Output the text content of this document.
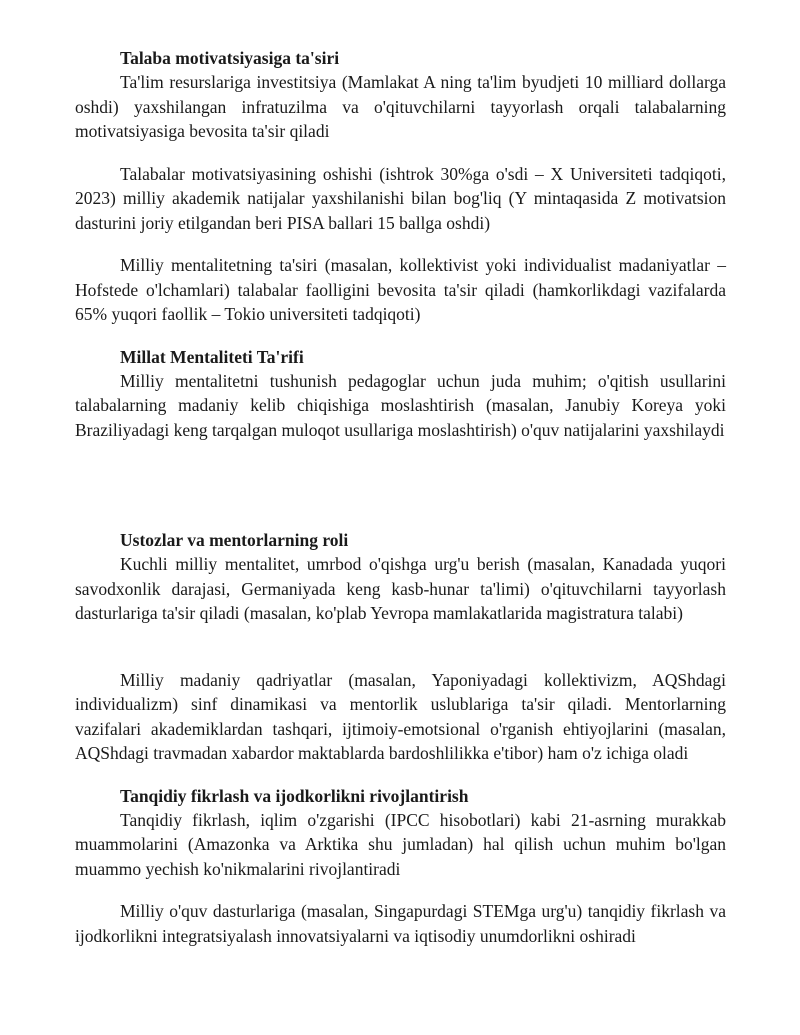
Talaba motivatsiyasiga ta'siri

Ta'lim resurslariga investitsiya (Mamlakat A ning ta'lim byudjeti 10 milliard dollarga oshdi) yaxshilangan infratuzilma va o'qituvchilarni tayyorlash orqali talabalarning motivatsiyasiga bevosita ta'sir qiladi

Talabalar motivatsiyasining oshishi (ishtrok 30%ga o'sdi – X Universiteti tadqiqoti, 2023) milliy akademik natijalar yaxshilanishi bilan bog'liq (Y mintaqasida Z motivatsion dasturini joriy etilgandan beri PISA ballari 15 ballga oshdi)

Milliy mentalitetning ta'siri (masalan, kollektivist yoki individualist madaniyatlar – Hofstede o'lchamlari) talabalar faolligini bevosita ta'sir qiladi (hamkorlikdagi vazifalarda 65% yuqori faollik – Tokio universiteti tadqiqoti)

Millat Mentaliteti Ta'rifi

Milliy mentalitetni tushunish pedagoglar uchun juda muhim; o'qitish usullarini talabalarning madaniy kelib chiqishiga moslashtirish (masalan, Janubiy Koreya yoki Braziliyadagi keng tarqalgan muloqot usullariga moslashtirish) o'quv natijalarini yaxshilaydi

Ustozlar va mentorlarning roli

Kuchli milliy mentalitet, umrbod o'qishga urg'u berish (masalan, Kanadada yuqori savodxonlik darajasi, Germaniyada keng kasb-hunar ta'limi) o'qituvchilarni tayyorlash dasturlariga ta'sir qiladi (masalan, ko'plab Yevropa mamlakatlarida magistratura talabi)

Milliy madaniy qadriyatlar (masalan, Yaponiyadagi kollektivizm, AQShdagi individualizm) sinf dinamikasi va mentorlik uslublariga ta'sir qiladi. Mentorlarning vazifalari akademiklardan tashqari, ijtimoiy-emotsional o'rganish ehtiyojlarini (masalan, AQShdagi travmadan xabardor maktablarda bardoshlilikka e'tibor) ham o'z ichiga oladi

Tanqidiy fikrlash va ijodkorlikni rivojlantirish

Tanqidiy fikrlash, iqlim o'zgarishi (IPCC hisobotlari) kabi 21-asrning murakkab muammolarini (Amazonka va Arktika shu jumladan) hal qilish uchun muhim bo'lgan muammo yechish ko'nikmalarini rivojlantiradi

Milliy o'quv dasturlariga (masalan, Singapurdagi STEMga urg'u) tanqidiy fikrlash va ijodkorlikni integratsiyalash innovatsiyalarni va iqtisodiy unumdorlikni oshiradi
